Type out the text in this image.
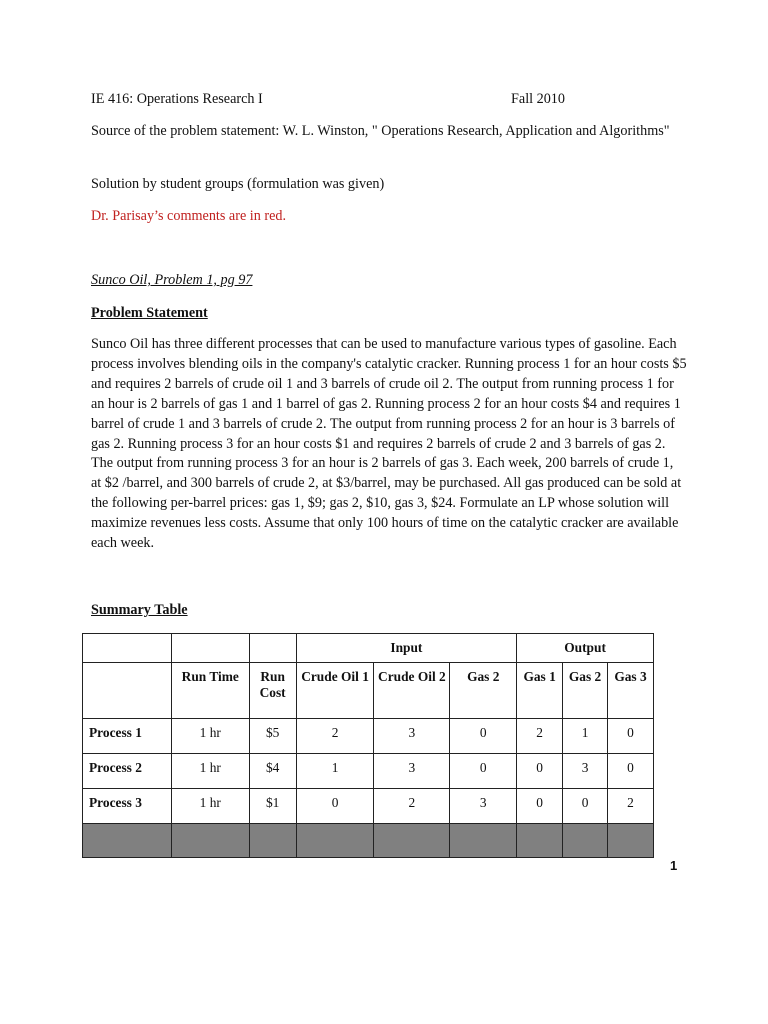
IE 416: Operations Research I	Fall 2010
Source of the problem statement: W. L. Winston, " Operations Research, Application and Algorithms"
Solution by student groups (formulation was given)
Dr. Parisay’s comments are in red.
Sunco Oil, Problem 1, pg 97
Problem Statement
Sunco Oil has three different processes that can be used to manufacture various types of gasoline. Each process involves blending oils in the company's catalytic cracker. Running process 1 for an hour costs $5 and requires 2 barrels of crude oil 1 and 3 barrels of crude oil 2. The output from running process 1 for an hour is 2 barrels of gas 1 and 1 barrel of gas 2. Running process 2 for an hour costs $4 and requires 1 barrel of crude 1 and 3 barrels of crude 2. The output from running process 2 for an hour is 3 barrels of gas 2. Running process 3 for an hour costs $1 and requires 2 barrels of crude 2 and 3 barrels of gas 2. The output from running process 3 for an hour is 2 barrels of gas 3. Each week, 200 barrels of crude 1, at $2 /barrel, and 300 barrels of crude 2, at $3/barrel, may be purchased. All gas produced can be sold at the following per-barrel prices: gas 1, $9; gas 2, $10, gas 3, $24. Formulate an LP whose solution will maximize revenues less costs. Assume that only 100 hours of time on the catalytic cracker are available each week.
Summary Table
			Input			Output		
	Run Time	Run Cost	Crude Oil 1	Crude Oil 2	Gas 2	Gas 1	Gas 2	Gas 3
Process 1	1 hr	$5	2	3	0	2	1	0
Process 2	1 hr	$4	1	3	0	0	3	0
Process 3	1 hr	$1	0	2	3	0	0	2

1
